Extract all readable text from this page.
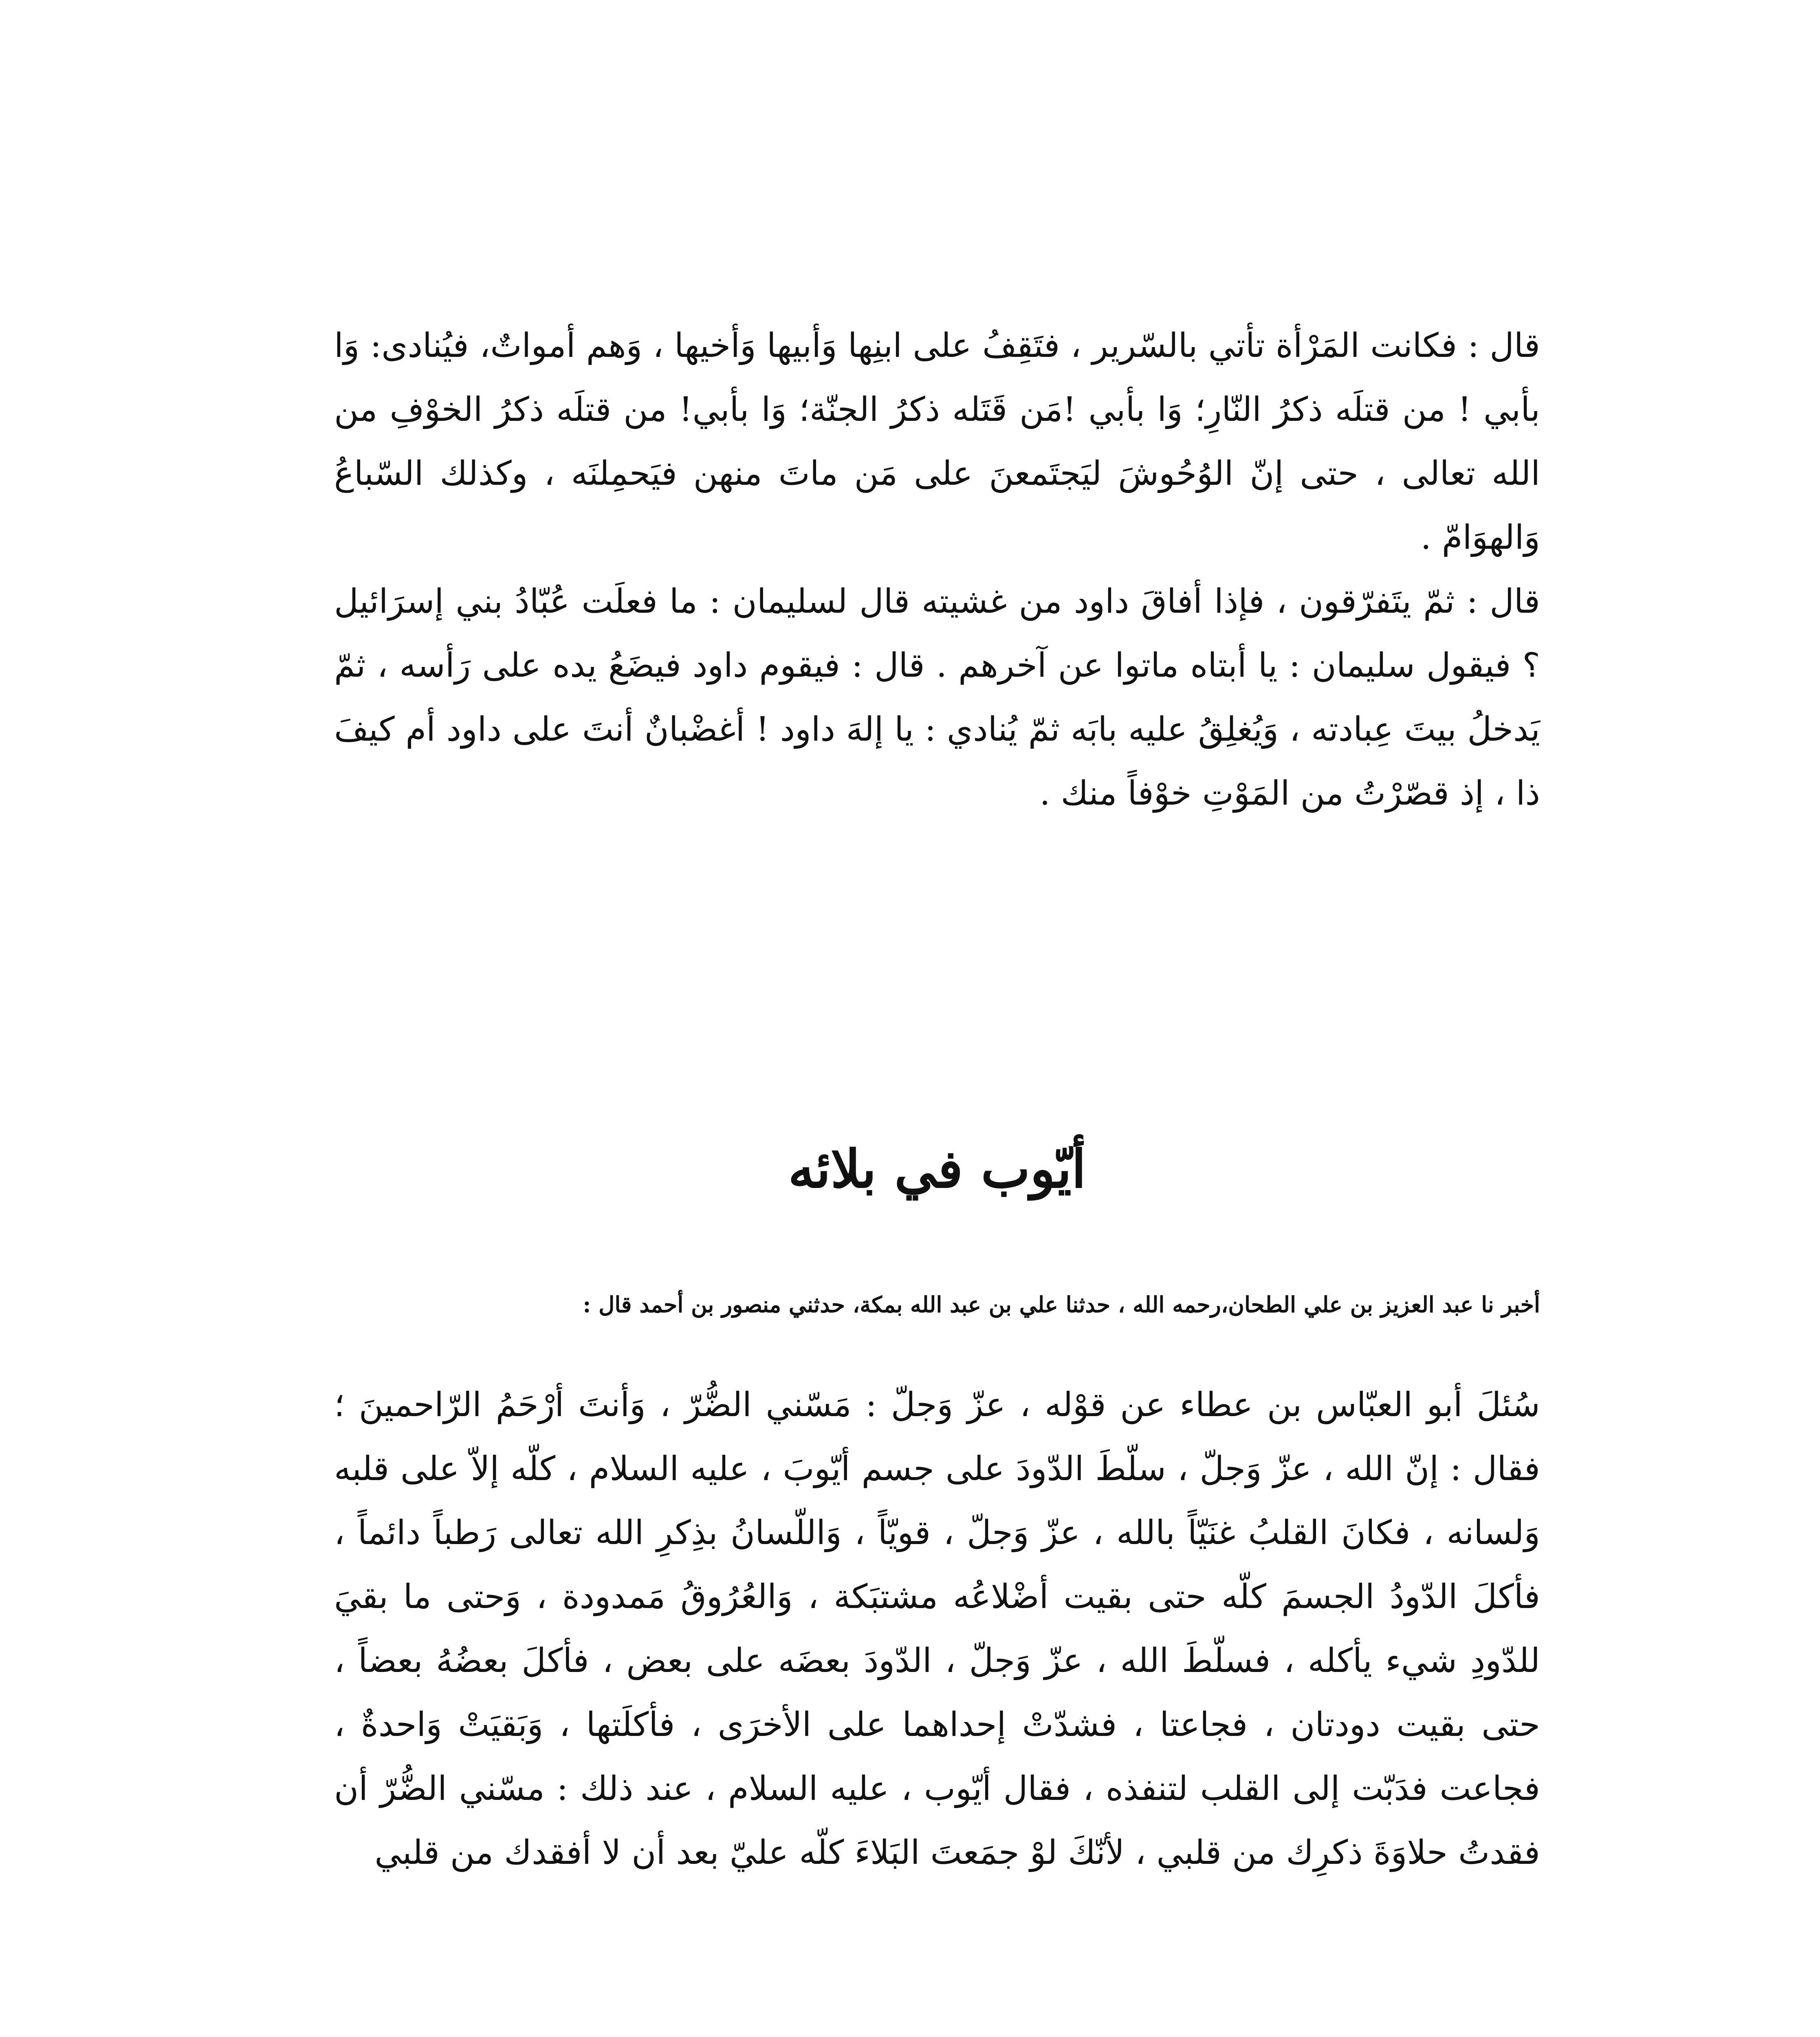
قال : فكانت المَرْأة تأتي بالسّرير ، فتَقِفُ على ابنِها وَأبيها وَأخيها ، وَهم أمواتٌ، فيُنادى: وَا بأبي ! من قتلَه ذكرُ النّارِ؛ وَا بأبي !مَن قَتَله ذكرُ الجنّة؛ وَا بأبي! من قتلَه ذكرُ الخوْفِ من الله تعالى ، حتى إنّ الوُحُوشَ ليَجتَمعنَ على مَن ماتَ منهن فيَحمِلنَه ، وكذلك السّباعُ وَالهوَامّ .

قال : ثمّ يتَفرّقون ، فإذا أفاقَ داود من غشيته قال لسليمان : ما فعلَت عُبّادُ بني إسرَائيل ؟ فيقول سليمان : يا أبتاه ماتوا عن آخرهم . قال : فيقوم داود فيضَعُ يده على رَأسه ، ثمّ يَدخلُ بيتَ عِبادته ، وَيُغلِقُ عليه بابَه ثمّ يُنادي : يا إلهَ داود ! أغضْبانٌ أنتَ على داود أم كيفَ ذا ، إذ قصّرْتُ من المَوْتِ خوْفاً منك .

أيّوب في بلائه

أخبر نا عبد العزيز بن علي الطحان،رحمه الله ، حدثنا علي بن عبد الله بمكة، حدثني منصور بن أحمد قال :

سُئلَ أبو العبّاس بن عطاء عن قوْله ، عزّ وَجلّ : مَسّني الضُّرّ ، وَأنتَ أرْحَمُ الرّاحمينَ ؛ فقال : إنّ الله ، عزّ وَجلّ ، سلّطَ الدّودَ على جسم أيّوبَ ، عليه السلام ، كلّه إلاّ على قلبه وَلسانه ، فكانَ القلبُ غنَيّاً بالله ، عزّ وَجلّ ، قويّاً ، وَاللّسانُ بذِكرِ الله تعالى رَطباً دائماً ، فأكلَ الدّودُ الجسمَ كلّه حتى بقيت أضْلاعُه مشتبَكة ، وَالعُرُوقُ مَمدودة ، وَحتى ما بقيَ للدّودِ شيء يأكله ، فسلّطَ الله ، عزّ وَجلّ ، الدّودَ بعضَه على بعض ، فأكلَ بعضُهُ بعضاً ، حتى بقيت دودتان ، فجاعتا ، فشدّتْ إحداهما على الأخرَى ، فأكلَتها ، وَبَقيَتْ وَاحدةٌ ، فجاعت فدَبّت إلى القلب لتنفذه ، فقال أيّوب ، عليه السلام ، عند ذلك : مسّني الضُّرّ أن فقدتُ حلاوَةَ ذكرِك من قلبي ، لأنّكَ لوْ جمَعتَ البَلاءَ كلّه عليّ بعد أن لا أفقدك من قلبي
